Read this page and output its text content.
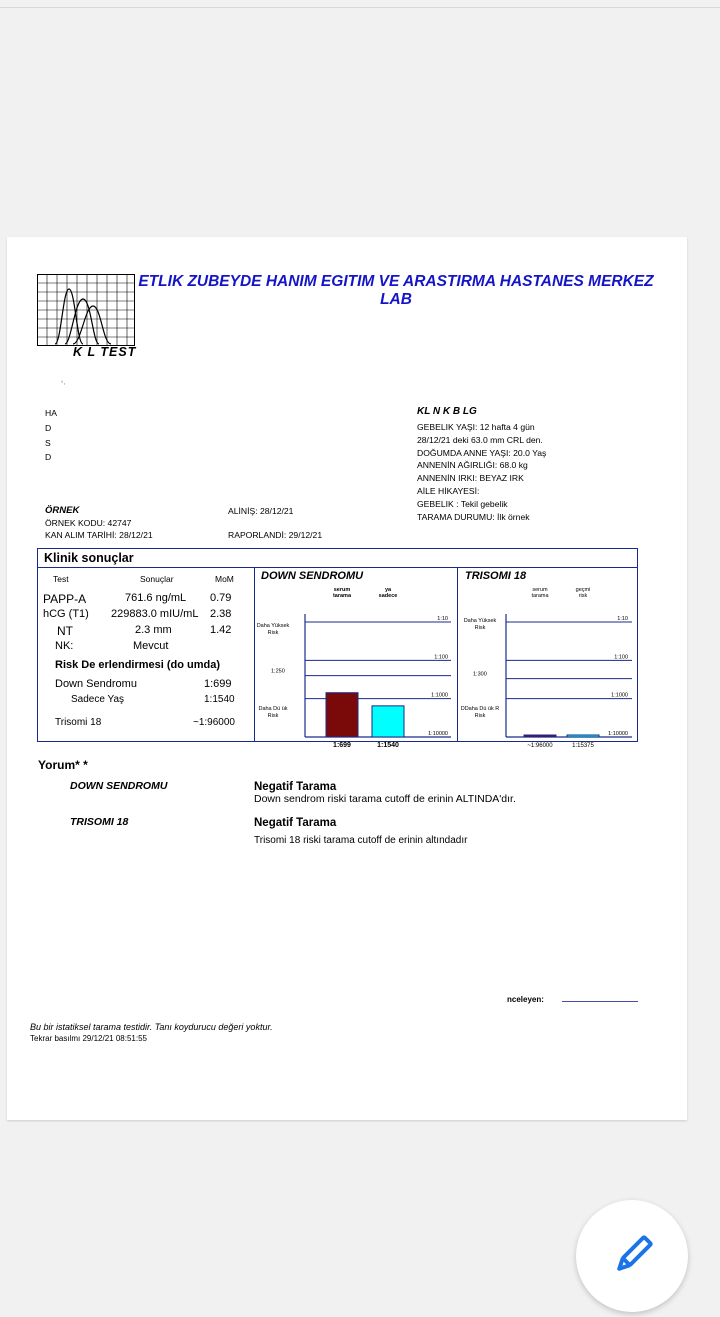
ETLIK ZUBEYDE HANIM EGITIM VE ARASTIRMA HASTANES MERKEZ LAB
K L TEST
'·
HA
D
S
D
KL N K B LG
GEBELIK YAŞI: 12 hafta 4 gün
28/12/21 deki 63.0 mm CRL den.
DOĞUMDA ANNE YAŞI: 20.0 Yaş
ANNENİN AĞIRLIĞI: 68.0 kg
ANNENİN IRKI: BEYAZ IRK
AİLE HİKAYESİ:
GEBELIK : Tekil gebelik
TARAMA DURUMU: İlk örnek
ÖRNEK
ÖRNEK KODU: 42747
KAN ALIM TARİHİ: 28/12/21
ALİNİŞ: 28/12/21
RAPORLANDİ: 29/12/21
Klinik sonuçlar
Test	Sonuçlar	MoM
PAPP-A	761.6 ng/mL 0.79
hCG (T1) 229883.0 mIU/mL 2.38
NT	2.3 mm	1.42
NK:	Mevcut
Risk De erlendirmesi (do umda)
Down Sendromu	1:699
Sadece Yaş	1:1540
Trisomi 18	~1:96000
DOWN SENDROMU	TRISOMI 18
1:10
1:100
1:1000
1:10000
1:250
Daha Yüksek
Risk
Daha Dü ük
Risk
serum
tarama
ya
sadece
1:699	1:1540
1:10
1:100
1:1000
1:10000
1:300
Daha Yüksek
Risk
DDaha Dü ük R
Risk
serum
tarama
geçmi
risk
~1:96000	1:15375
Yorum* *
DOWN SENDROMU	Negatif Tarama
Down sendrom riski tarama cutoff de erinin ALTINDA'dır.
TRISOMI 18	Negatif Tarama
Trisomi 18 riski tarama cutoff de erinin altındadır
nceleyen:
Bu bir istatiksel tarama testidir. Tanı koydurucu değeri yoktur.
Tekrar basılmı 29/12/21 08:51:55
